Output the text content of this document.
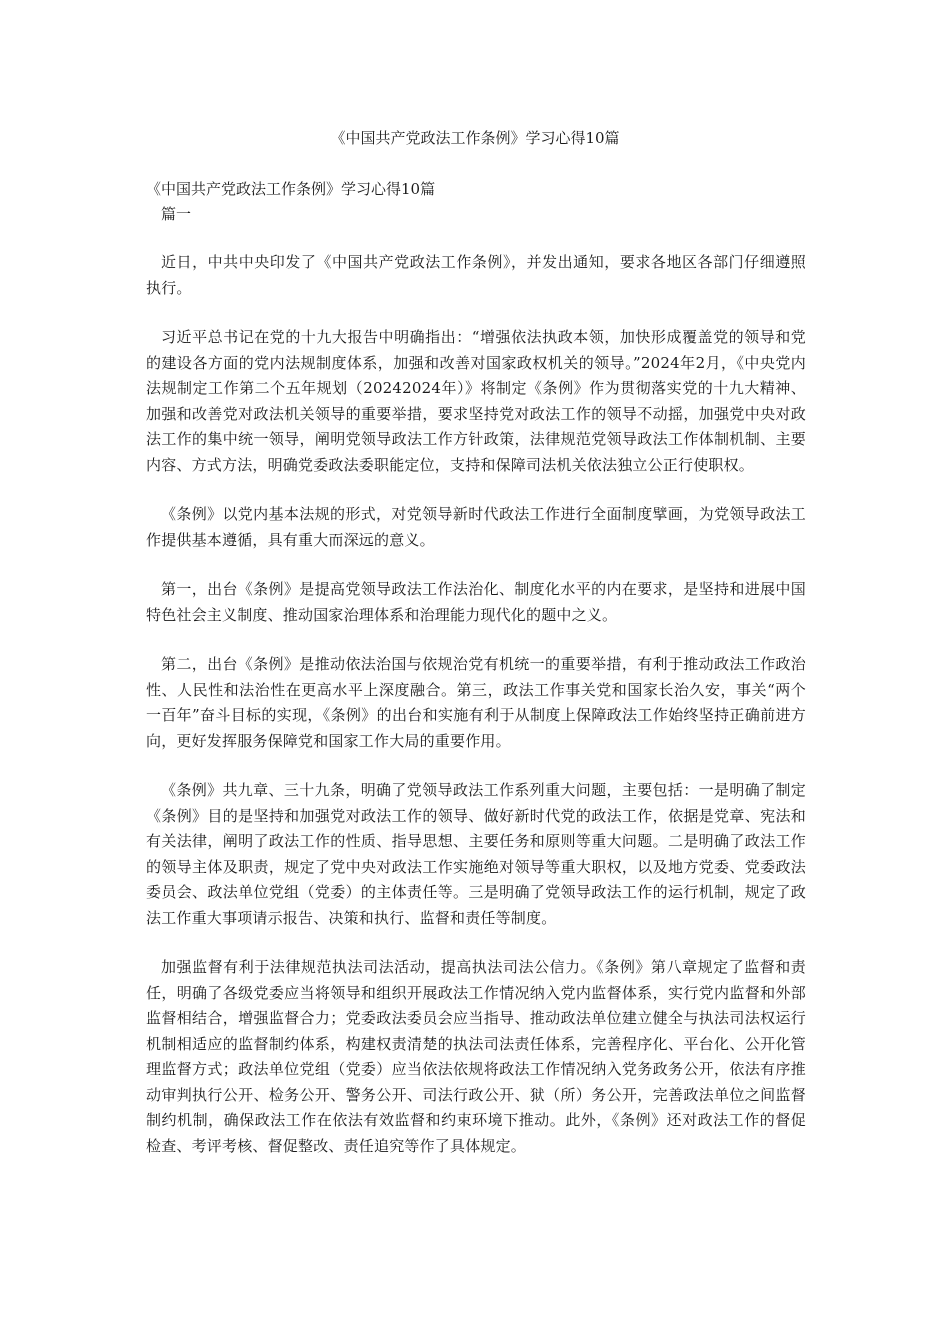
《中国共产党政法工作条例》学习心得10篇

《中国共产党政法工作条例》学习心得10篇

篇一

近日，中共中央印发了《中国共产党政法工作条例》，并发出通知，要求各地区各部门仔细遵照执行。

习近平总书记在党的十九大报告中明确指出：“增强依法执政本领，加快形成覆盖党的领导和党的建设各方面的党内法规制度体系，加强和改善对国家政权机关的领导。”2024年2月，《中央党内法规制定工作第二个五年规划（20242024年）》将制定《条例》作为贯彻落实党的十九大精神、加强和改善党对政法机关领导的重要举措，要求坚持党对政法工作的领导不动摇，加强党中央对政法工作的集中统一领导，阐明党领导政法工作方针政策，法律规范党领导政法工作体制机制、主要内容、方式方法，明确党委政法委职能定位，支持和保障司法机关依法独立公正行使职权。

《条例》以党内基本法规的形式，对党领导新时代政法工作进行全面制度擘画，为党领导政法工作提供基本遵循，具有重大而深远的意义。

第一，出台《条例》是提高党领导政法工作法治化、制度化水平的内在要求，是坚持和进展中国特色社会主义制度、推动国家治理体系和治理能力现代化的题中之义。

第二，出台《条例》是推动依法治国与依规治党有机统一的重要举措，有利于推动政法工作政治性、人民性和法治性在更高水平上深度融合。第三，政法工作事关党和国家长治久安，事关“两个一百年”奋斗目标的实现，《条例》的出台和实施有利于从制度上保障政法工作始终坚持正确前进方向，更好发挥服务保障党和国家工作大局的重要作用。

《条例》共九章、三十九条，明确了党领导政法工作系列重大问题，主要包括：一是明确了制定《条例》目的是坚持和加强党对政法工作的领导、做好新时代党的政法工作，依据是党章、宪法和有关法律，阐明了政法工作的性质、指导思想、主要任务和原则等重大问题。二是明确了政法工作的领导主体及职责，规定了党中央对政法工作实施绝对领导等重大职权，以及地方党委、党委政法委员会、政法单位党组（党委）的主体责任等。三是明确了党领导政法工作的运行机制，规定了政法工作重大事项请示报告、决策和执行、监督和责任等制度。

加强监督有利于法律规范执法司法活动，提高执法司法公信力。《条例》第八章规定了监督和责任，明确了各级党委应当将领导和组织开展政法工作情况纳入党内监督体系，实行党内监督和外部监督相结合，增强监督合力；党委政法委员会应当指导、推动政法单位建立健全与执法司法权运行机制相适应的监督制约体系，构建权责清楚的执法司法责任体系，完善程序化、平台化、公开化管理监督方式；政法单位党组（党委）应当依法依规将政法工作情况纳入党务政务公开，依法有序推动审判执行公开、检务公开、警务公开、司法行政公开、狱（所）务公开，完善政法单位之间监督制约机制，确保政法工作在依法有效监督和约束环境下推动。此外，《条例》还对政法工作的督促检查、考评考核、督促整改、责任追究等作了具体规定。
